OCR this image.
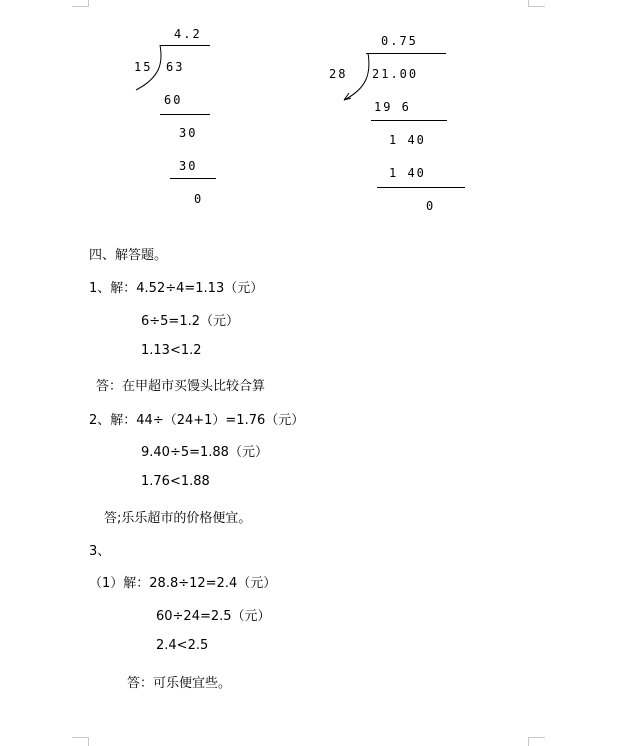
4.2
15 63
60
30
30
0
0.75
28 21.00
19 6
1 40
1 40
0
四、解答题。
1、解：4.52÷4=1.13（元）
6÷5=1.2（元）
1.13<1.2
答：在甲超市买馒头比较合算
2、解：44÷（24+1）=1.76（元）
9.40÷5=1.88（元）
1.76<1.88
答;乐乐超市的价格便宜。
3、
（1）解：28.8÷12=2.4（元）
60÷24=2.5（元）
2.4<2.5
答：可乐便宜些。
